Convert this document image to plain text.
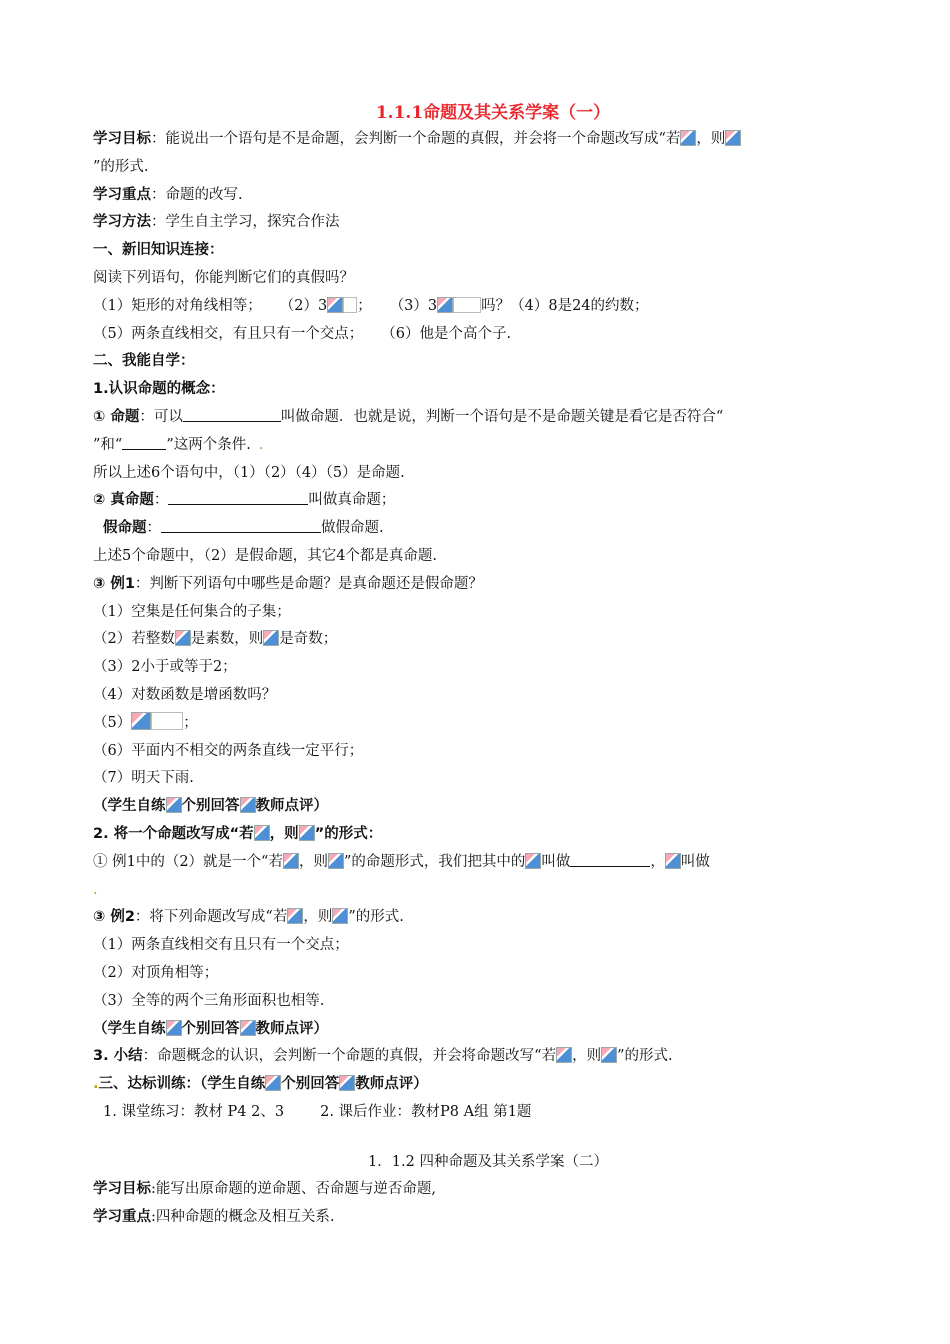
1.1.1命题及其关系学案（一）
学习目标：能说出一个语句是不是命题，会判断一个命题的真假，并会将一个命题改写成“若 ，则
”的形式.
学习重点：命题的改写.
学习方法：学生自主学习，探究合作法
一、新旧知识连接：
阅读下列语句，你能判断它们的真假吗？
（1）矩形的对角线相等； （2）3 ； （3）3	吗？（4）8是24的约数；
（5）两条直线相交，有且只有一个交点； （6）他是个高个子.
二、我能自学：
1.认识命题的概念：
① 命题：可以	叫做命题．也就是说，判断一个语句是不是命题关键是看它是否符合“
”和“	”这两个条件. .
所以上述6个语句中，（1）（2）（4）（5）是命题.
② 真命题：	叫做真命题；
假命题：	做假命题.
上述5个命题中，（2）是假命题，其它4个都是真命题.
③ 例1：判断下列语句中哪些是命题？是真命题还是假命题？
（1）空集是任何集合的子集；
（2）若整数 是素数，则 是奇数；
（3）2小于或等于2；
（4）对数函数是增函数吗？
（5）	；
（6）平面内不相交的两条直线一定平行；
（7）明天下雨.
（学生自练 个别回答 教师点评）
2. 将一个命题改写成“若 ，则 ”的形式：
① 例1中的（2）就是一个“若 ，则 ”的命题形式，我们把其中的 叫做	， 叫做
.
③ 例2：将下列命题改写成“若 ，则 ”的形式.
（1）两条直线相交有且只有一个交点；
（2）对顶角相等；
（3）全等的两个三角形面积也相等.
（学生自练 个别回答 教师点评）
3. 小结：命题概念的认识，会判断一个命题的真假，并会将命题改写“若 ，则 ”的形式.
.三、达标训练：（学生自练 个别回答 教师点评）
1. 课堂练习：教材 P4 2、3 2. 课后作业：教材P8 A组 第1题
1．1.2 四种命题及其关系学案（二）
学习目标:能写出原命题的逆命题、否命题与逆否命题,
学习重点:四种命题的概念及相互关系.
